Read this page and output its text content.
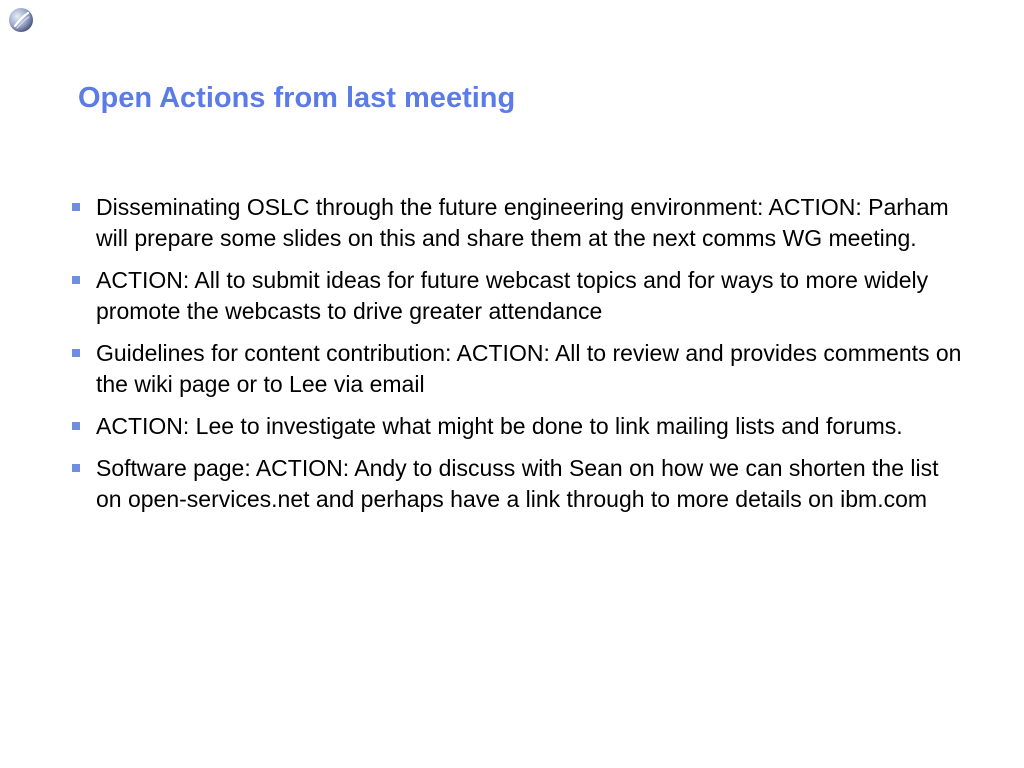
Open Actions from last meeting
Disseminating OSLC through the future engineering environment: ACTION: Parham will prepare some slides on this and share them at the next comms WG meeting.
ACTION: All to submit ideas for future webcast topics and for ways to more widely promote the webcasts to drive greater attendance
Guidelines for content contribution: ACTION: All to review and provides comments on the wiki page or to Lee via email
ACTION: Lee to investigate what might be done to link mailing lists and forums.
Software page: ACTION: Andy to discuss with Sean on how we can shorten the list on open-services.net and perhaps have a link through to more details on ibm.com
